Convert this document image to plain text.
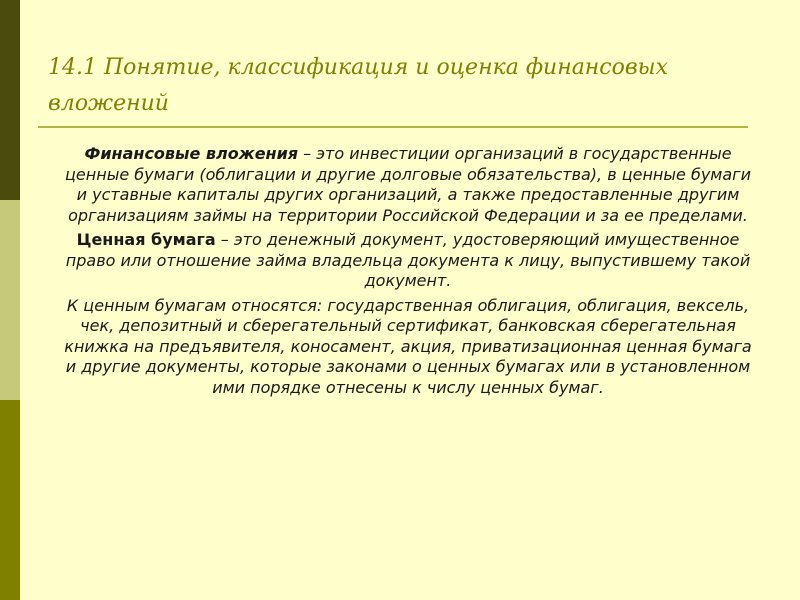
14.1 Понятие, классификация и оценка финансовых вложений

Финансовые вложения – это инвестиции организаций в государственные ценные бумаги (облигации и другие долговые обязательства), в ценные бумаги и уставные капиталы других организаций, а также предоставленные другим организациям займы на территории Российской Федерации и за ее пределами.

Ценная бумага – это денежный документ, удостоверяющий имущественное право или отношение займа владельца документа к лицу, выпустившему такой документ.

К ценным бумагам относятся: государственная облигация, облигация, вексель, чек, депозитный и сберегательный сертификат, банковская сберегательная книжка на предъявителя, коносамент, акция, приватизационная ценная бумага и другие документы, которые законами о ценных бумагах или в установленном ими порядке отнесены к числу ценных бумаг.
